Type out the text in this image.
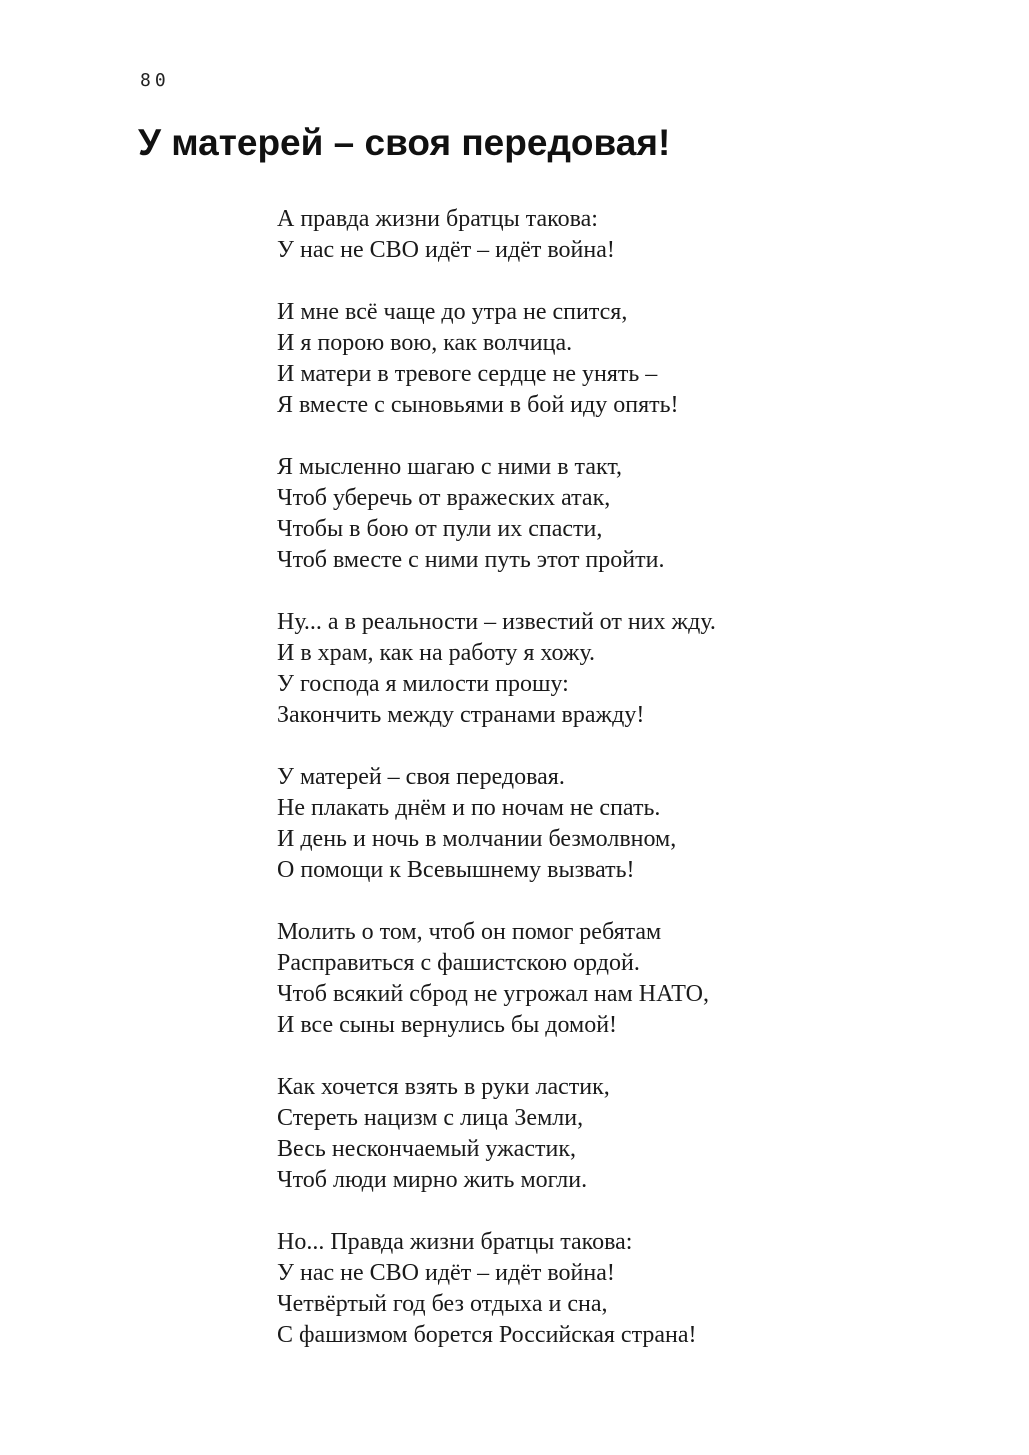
80
У матерей – своя передовая!
А правда жизни братцы такова:
У нас не СВО идёт – идёт война!
И мне всё чаще до утра не спится,
И я порою вою, как волчица.
И матери в тревоге сердце не унять –
Я вместе с сыновьями в бой иду опять!
Я мысленно шагаю с ними в такт,
Чтоб уберечь от вражеских атак,
Чтобы в бою от пули их спасти,
Чтоб вместе с ними путь этот пройти.
Ну... а в реальности – известий от них жду.
И в храм, как на работу я хожу.
У господа я милости прошу:
Закончить между странами вражду!
У матерей – своя передовая.
Не плакать днём и по ночам не спать.
И день и ночь в молчании безмолвном,
О помощи к Всевышнему вызвать!
Молить о том, чтоб он помог ребятам
Расправиться с фашистскою ордой.
Чтоб всякий сброд не угрожал нам НАТО,
И все сыны вернулись бы домой!
Как хочется взять в руки ластик,
Стереть нацизм с лица Земли,
Весь нескончаемый ужастик,
Чтоб люди мирно жить могли.
Но... Правда жизни братцы такова:
У нас не СВО идёт – идёт война!
Четвёртый год без отдыха и сна,
С фашизмом борется Российская страна!
